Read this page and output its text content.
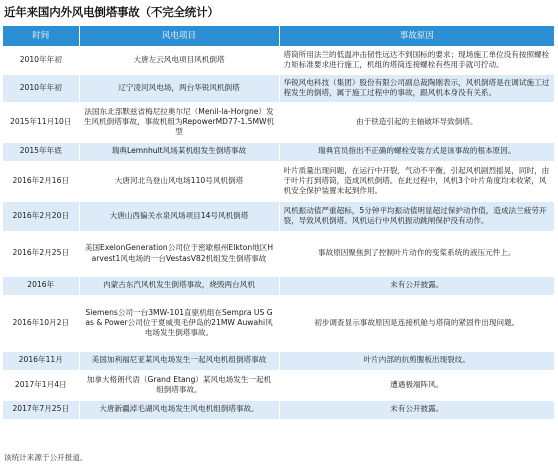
近年来国内外风电倒塔事故（不完全统计）
时间	风电项目	事故原因
2010年年初	大唐左云风电项目风机倒塔	塔筒所用法兰的低温冲击韧性远达不到国标的要求；现场施工单位没有按照螺栓力矩标准要求进行施工，机组的塔筒连接螺栓有些用手就可拧动。
2010年年初	辽宁凌河风电场，两台华锐风机倒塔	华锐风电科技（集团）股份有限公司副总裁陶刚表示，风机倒塔是在调试施工过程发生的倒塔，属于施工过程中的事故，跟风机本身没有关系。
2015年11月10日	法国东北部默兹省梅尼拉奥尔尼（Menil-la-Horgne）发生风机倒塔事故，事故机组为RepowerMD77-1.5MW机型	由于铁造引起的主轴破坏导致倒塔。
2015年年底	瑞典Lemnhult风场某机组发生倒塔事故	瑞典官员指出不正确的螺栓安装方式是该事故的根本原因。
2016年2月16日	大唐河北乌登山风电场110号风机倒塔	叶片质量出现问题，在运行中开裂，气动不平衡，引起风机剧烈摇晃，同时，由于叶片打到塔筒，造成风机倒塔。在此过程中，风机3个叶片角度均未收紧，风机安全保护装置未起到作用。
2016年2月20日	大唐山西偏关水泉风场项目14号风机倒塔	风机振动值严重超标，5分钟平均振动值明显超过保护动作值，造成法兰疲劳开裂，导致风机倒塔。风机运行中风机振动跳闸保护没有动作。
2016年2月25日	美国ExelonGeneration公司位于密歇根州Elkton地区Harvest1风电场的一台VestasV82机组发生倒塔事故	事故原因聚焦到了控制叶片动作的变桨系统的液压元件上。
2016年	内蒙古东汽风机发生倒塔事故，烧毁两台风机	未有公开披露。
2016年10月2日	Siemens公司一台3MW-101直驱机组在Sempra US Gas & Power公司位于夏威夷毛伊岛的21MW Auwahi风电场发生倒塔事故。	初步调查显示事故原因是连接机舱与塔筒的紧固件出现问题。
2016年11月	美国加利福尼亚某风电场发生一起风电机组倒塔事故	叶片内部的抗剪腹板出现裂纹。
2017年1月4日	加拿大格朗代语（Grand Etang）某风电场发生一起机组倒塔事故。	遭遇极端阵风。
2017年7月25日	大唐新疆淖毛湖风电场发生风电机组倒塔事故。	未有公开披露。
该统计来源于公开报道。
